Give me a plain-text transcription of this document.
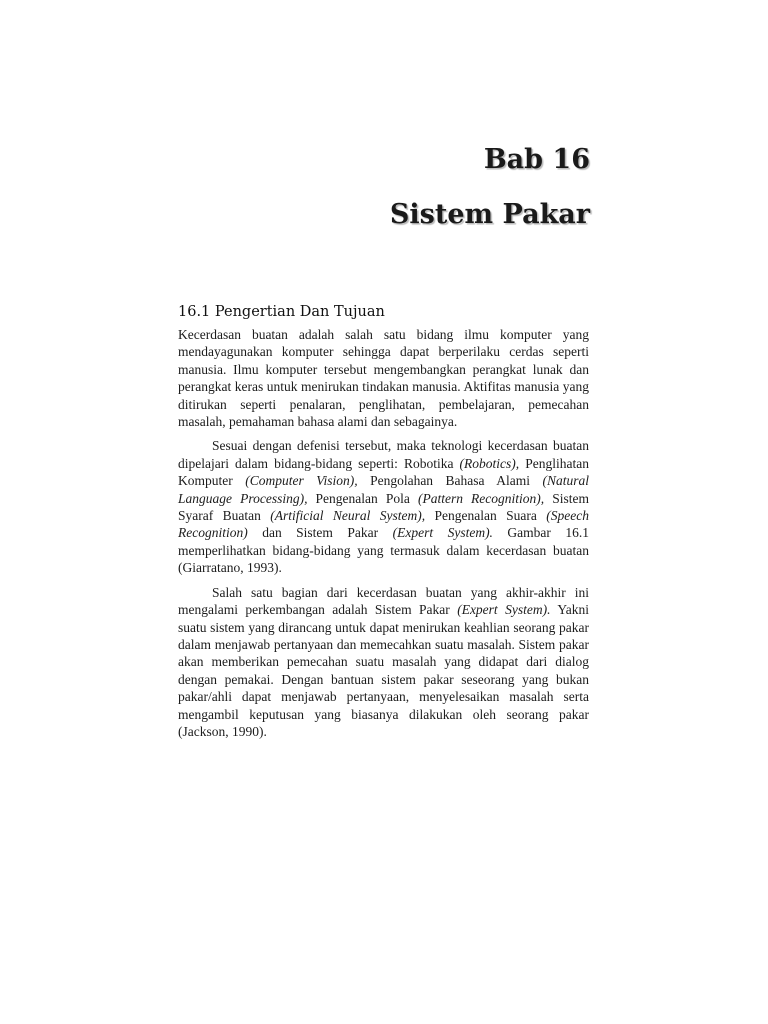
Bab 16
Sistem Pakar
16.1 Pengertian Dan Tujuan

Kecerdasan buatan adalah salah satu bidang ilmu komputer yang mendayagunakan komputer sehingga dapat berperilaku cerdas seperti manusia. Ilmu komputer tersebut mengembangkan perangkat lunak dan perangkat keras untuk menirukan tindakan manusia. Aktifitas manusia yang ditirukan seperti penalaran, penglihatan, pembelajaran, pemecahan masalah, pemahaman bahasa alami dan sebagainya.

Sesuai dengan defenisi tersebut, maka teknologi kecerdasan buatan dipelajari dalam bidang-bidang seperti: Robotika (Robotics), Penglihatan Komputer (Computer Vision), Pengolahan Bahasa Alami (Natural Language Processing), Pengenalan Pola (Pattern Recognition), Sistem Syaraf Buatan (Artificial Neural System), Pengenalan Suara (Speech Recognition) dan Sistem Pakar (Expert System). Gambar 16.1 memperlihatkan bidang-bidang yang termasuk dalam kecerdasan buatan (Giarratano, 1993).

Salah satu bagian dari kecerdasan buatan yang akhir-akhir ini mengalami perkembangan adalah Sistem Pakar (Expert System). Yakni suatu sistem yang dirancang untuk dapat menirukan keahlian seorang pakar dalam menjawab pertanyaan dan memecahkan suatu masalah. Sistem pakar akan memberikan pemecahan suatu masalah yang didapat dari dialog dengan pemakai. Dengan bantuan sistem pakar seseorang yang bukan pakar/ahli dapat menjawab pertanyaan, menyelesaikan masalah serta mengambil keputusan yang biasanya dilakukan oleh seorang pakar (Jackson, 1990).
